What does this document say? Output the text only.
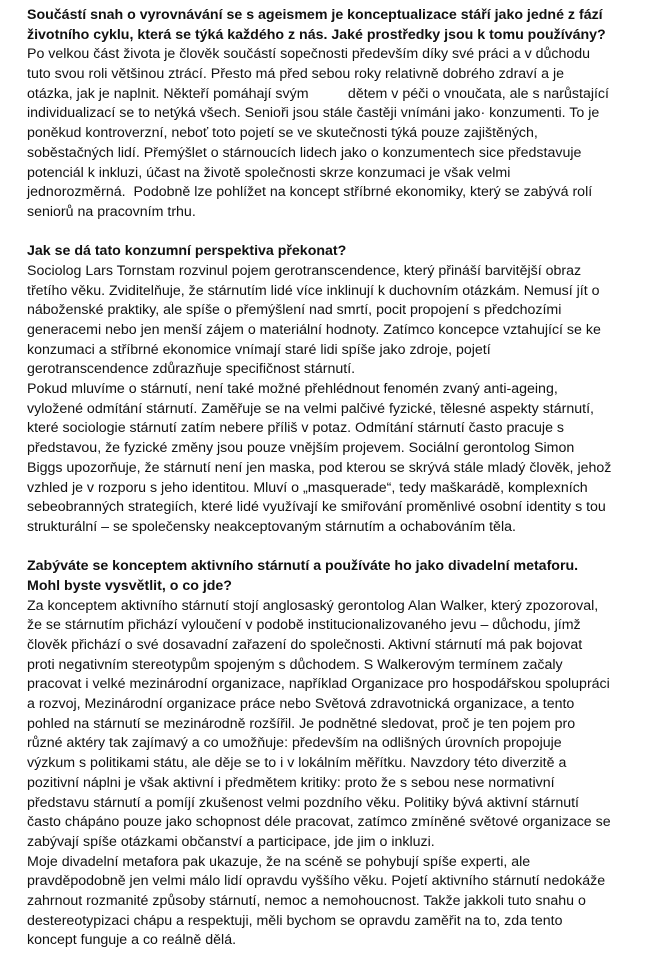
Součástí snah o vyrovnávání se s ageismem je konceptualizace stáří jako jedné z fází
životního cyklu, která se týká každého z nás. Jaké prostředky jsou k tomu používány?
Po velkou část života je člověk součástí sopečnosti především díky své práci a v důchodu
tuto svou roli většinou ztrácí. Přesto má před sebou roky relativně dobrého zdraví a je
otázka, jak je naplnit. Někteří pomáhají svým          dětem v péči o vnoučata, ale s narůstající
individualizací se to netýká všech. Senioři jsou stále častěji vnímáni jako· konzumenti. To je
poněkud kontroverzní, neboť toto pojetí se ve skutečnosti týká pouze zajištěných,
soběstačných lidí. Přemýšlet o stárnoucích lidech jako o konzumentech sice představuje
potenciál k inkluzi, účast na životě společnosti skrze konzumaci je však velmi
jednorozměrná.  Podobně lze pohlížet na koncept stříbrné ekonomiky, který se zabývá rolí
seniorů na pracovním trhu.
Jak se dá tato konzumní perspektiva překonat?
Sociolog Lars Tornstam rozvinul pojem gerotranscendence, který přináší barvitější obraz
třetího věku. Zviditelňuje, že stárnutím lidé více inklinují k duchovním otázkám. Nemusí jít o
náboženské praktiky, ale spíše o přemýšlení nad smrtí, pocit propojení s předchozími
generacemi nebo jen menší zájem o materiální hodnoty. Zatímco koncepce vztahující se ke
konzumaci a stříbrné ekonomice vnímají staré lidi spíše jako zdroje, pojetí
gerotranscendence zdůrazňuje specifičnost stárnutí.
Pokud mluvíme o stárnutí, není také možné přehlédnout fenomén zvaný anti-ageing,
vyložené odmítání stárnutí. Zaměřuje se na velmi palčivé fyzické, tělesné aspekty stárnutí,
které sociologie stárnutí zatím nebere příliš v potaz. Odmítání stárnutí často pracuje s
představou, že fyzické změny jsou pouze vnějším projevem. Sociální gerontolog Simon
Biggs upozorňuje, že stárnutí není jen maska, pod kterou se skrývá stále mladý člověk, jehož
vzhled je v rozporu s jeho identitou. Mluví o „masquerade“, tedy maškarádě, komplexních
sebeobranných strategiích, které lidé využívají ke smiřování proměnlivé osobní identity s tou
strukturální – se společensky neakceptovaným stárnutím a ochabováním těla.
Zabýváte se konceptem aktivního stárnutí a používáte ho jako divadelní metaforu.
Mohl byste vysvětlit, o co jde?
Za konceptem aktivního stárnutí stojí anglosaský gerontolog Alan Walker, který zpozoroval,
že se stárnutím přichází vyloučení v podobě institucionalizovaného jevu – důchodu, jímž
člověk přichází o své dosavadní zařazení do společnosti. Aktivní stárnutí má pak bojovat
proti negativním stereotypům spojeným s důchodem. S Walkerovým termínem začaly
pracovat i velké mezinárodní organizace, například Organizace pro hospodářskou spolupráci
a rozvoj, Mezinárodní organizace práce nebo Světová zdravotnická organizace, a tento
pohled na stárnutí se mezinárodně rozšířil. Je podnětné sledovat, proč je ten pojem pro
různé aktéry tak zajímavý a co umožňuje: především na odlišných úrovních propojuje
výzkum s politikami státu, ale děje se to i v lokálním měřítku. Navzdory této diverzitě a
pozitivní náplni je však aktivní i předmětem kritiky: proto že s sebou nese normativní
představu stárnutí a pomíjí zkušenost velmi pozdního věku. Politiky bývá aktivní stárnutí
často chápáno pouze jako schopnost déle pracovat, zatímco zmíněné světové organizace se
zabývají spíše otázkami občanství a participace, jde jim o inkluzi.
Moje divadelní metafora pak ukazuje, že na scéně se pohybují spíše experti, ale
pravděpodobně jen velmi málo lidí opravdu vyššího věku. Pojetí aktivního stárnutí nedokáže
zahrnout rozmanité způsoby stárnutí, nemoc a nemohoucnost. Takže jakkoli tuto snahu o
destereotypizaci chápu a respektuji, měli bychom se opravdu zaměřit na to, zda tento
koncept funguje a co reálně dělá.
